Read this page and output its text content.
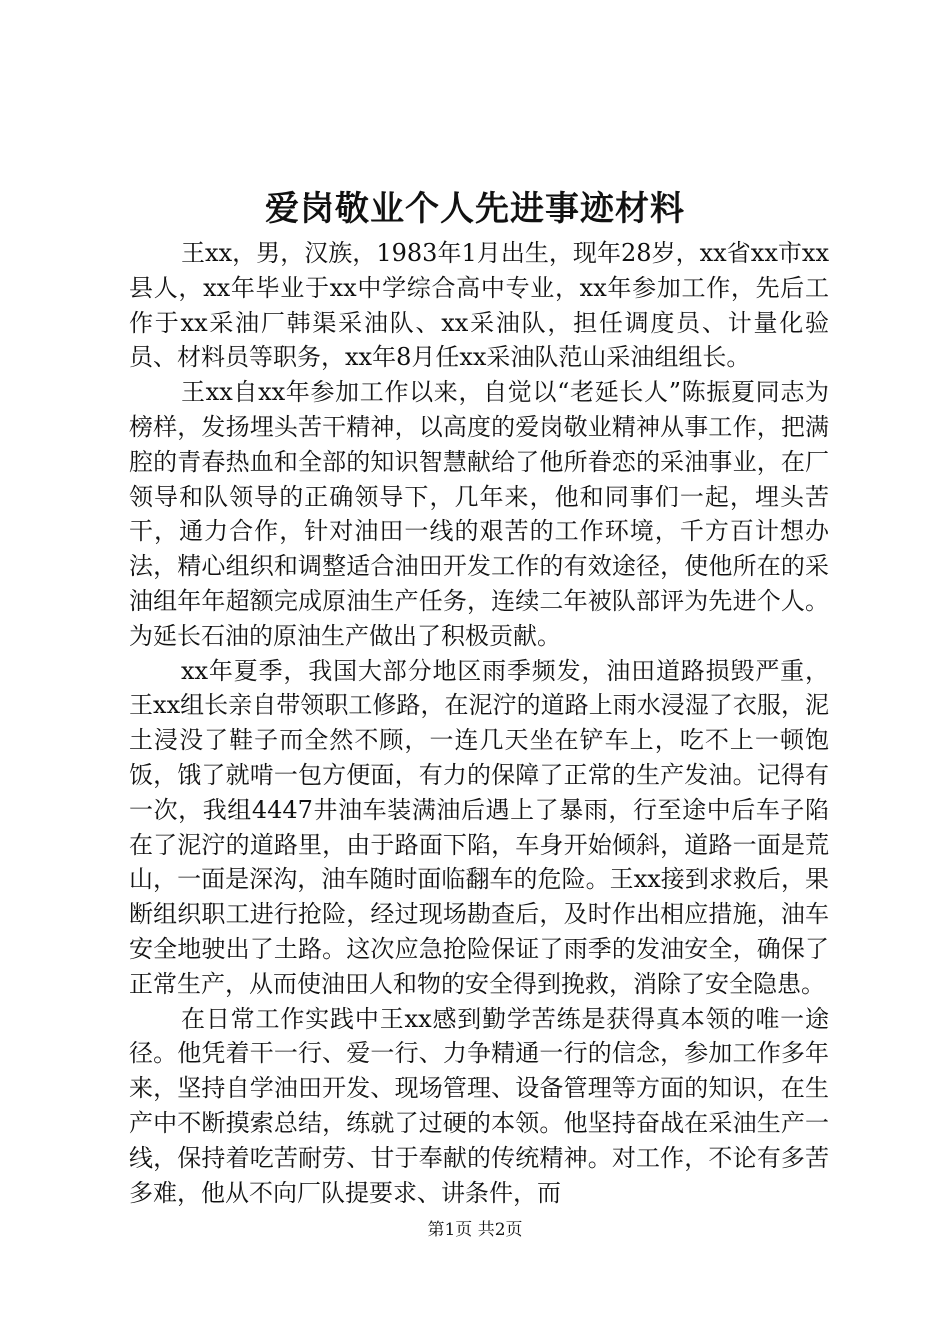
爱岗敬业个人先进事迹材料

王xx，男，汉族，1983年1月出生，现年28岁，xx省xx市xx县人，xx年毕业于xx中学综合高中专业，xx年参加工作，先后工作于xx采油厂韩渠采油队、xx采油队，担任调度员、计量化验员、材料员等职务，xx年8月任xx采油队范山采油组组长。

王xx自xx年参加工作以来，自觉以“老延长人”陈振夏同志为榜样，发扬埋头苦干精神，以高度的爱岗敬业精神从事工作，把满腔的青春热血和全部的知识智慧献给了他所眷恋的采油事业，在厂领导和队领导的正确领导下，几年来，他和同事们一起，埋头苦干，通力合作，针对油田一线的艰苦的工作环境，千方百计想办法，精心组织和调整适合油田开发工作的有效途径，使他所在的采油组年年超额完成原油生产任务，连续二年被队部评为先进个人。为延长石油的原油生产做出了积极贡献。

xx年夏季，我国大部分地区雨季频发，油田道路损毁严重，王xx组长亲自带领职工修路，在泥泞的道路上雨水浸湿了衣服，泥土浸没了鞋子而全然不顾，一连几天坐在铲车上，吃不上一顿饱饭，饿了就啃一包方便面，有力的保障了正常的生产发油。记得有一次，我组4447井油车装满油后遇上了暴雨，行至途中后车子陷在了泥泞的道路里，由于路面下陷，车身开始倾斜，道路一面是荒山，一面是深沟，油车随时面临翻车的危险。王xx接到求救后，果断组织职工进行抢险，经过现场勘查后，及时作出相应措施，油车安全地驶出了土路。这次应急抢险保证了雨季的发油安全，确保了正常生产，从而使油田人和物的安全得到挽救，消除了安全隐患。

在日常工作实践中王xx感到勤学苦练是获得真本领的唯一途径。他凭着干一行、爱一行、力争精通一行的信念，参加工作多年来，坚持自学油田开发、现场管理、设备管理等方面的知识，在生产中不断摸索总结，练就了过硬的本领。他坚持奋战在采油生产一线，保持着吃苦耐劳、甘于奉献的传统精神。对工作，不论有多苦多难，他从不向厂队提要求、讲条件，而

第1页 共2页
